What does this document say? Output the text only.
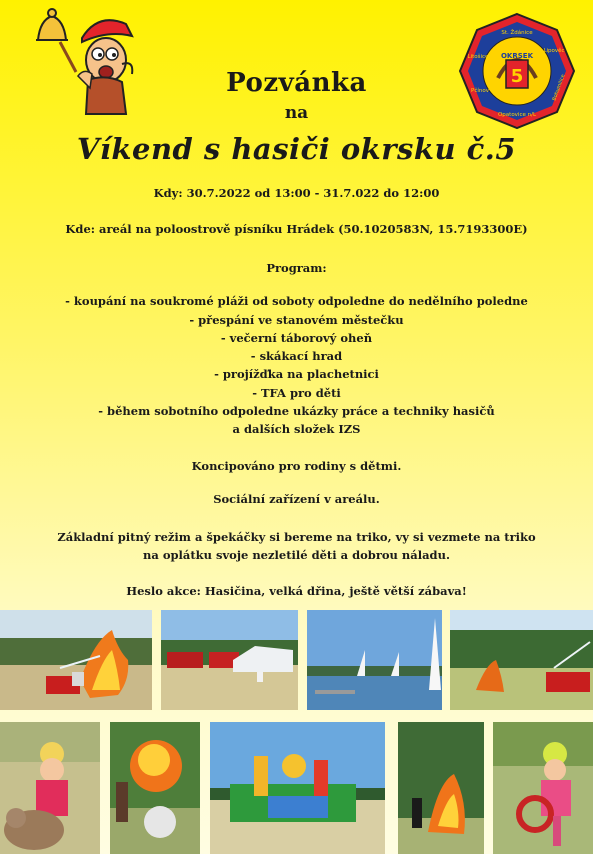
5
OKRSEK
St. Ždánice
Lipověc
Bohumilice
Opatovice n/L
Pčínov
Litošice
Pozvánka
na
Víkend s hasiči okrsku č.5
Kdy: 30.7.2022 od 13:00 - 31.7.022 do 12:00
Kde: areál na poloostrově písníku Hrádek (50.1020583N, 15.7193300E)
Program:
- koupání na soukromé pláži od soboty odpoledne do nedělního poledne
- přespání ve stanovém městečku
- večerní táborový oheň
- skákací hrad
- projížďka na plachetnici
- TFA pro děti
- během sobotního odpoledne ukázky práce a techniky hasičů
a dalších složek IZS
Koncipováno pro rodiny s dětmi.
Sociální zařízení v areálu.
Základní pitný režim a špekáčky si bereme na triko, vy si vezmete na triko
na oplátku svoje nezletilé děti a dobrou náladu.
Heslo akce: Hasičina, velká dřina, ještě větší zábava!
